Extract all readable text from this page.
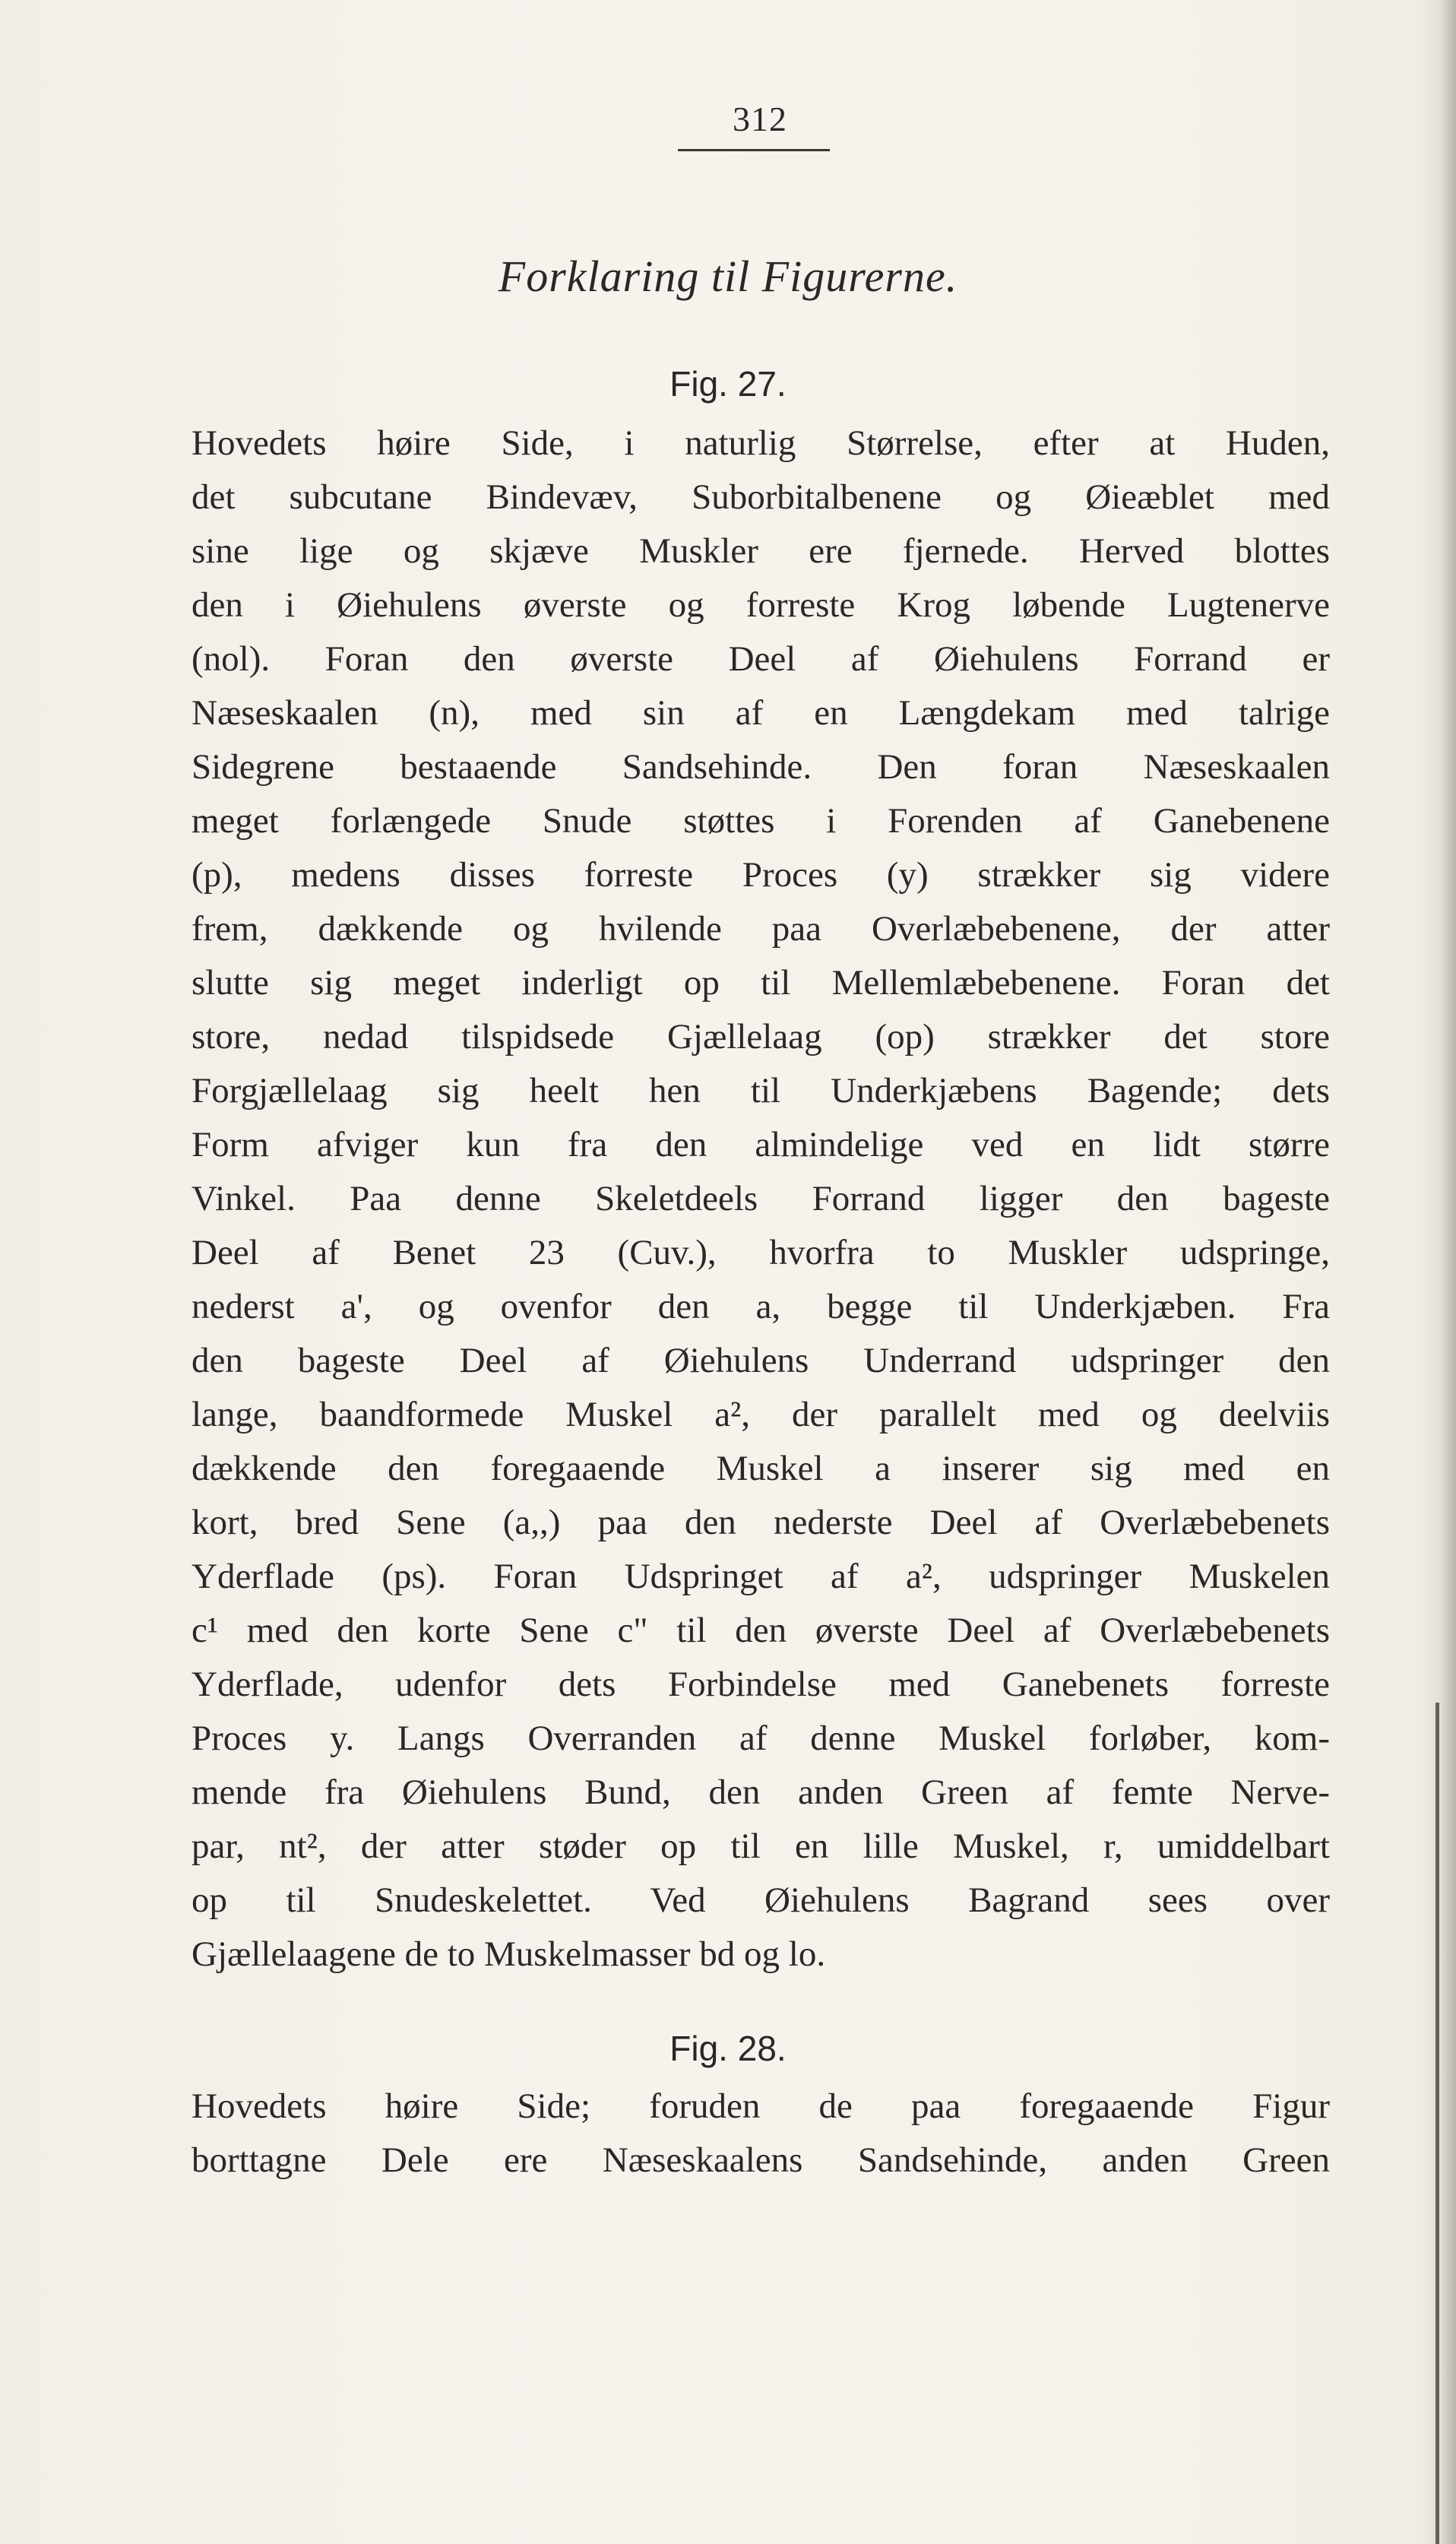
312
Forklaring til Figurerne.
Fig. 27.
Hovedets høire Side, i naturlig Størrelse, efter at Huden,
det subcutane Bindevæv, Suborbitalbenene og Øieæblet med
sine lige og skjæve Muskler ere fjernede. Herved blottes
den i Øiehulens øverste og forreste Krog løbende Lugtenerve
(nol). Foran den øverste Deel af Øiehulens Forrand er
Næseskaalen (n), med sin af en Længdekam med talrige
Sidegrene bestaaende Sandsehinde. Den foran Næseskaalen
meget forlængede Snude støttes i Forenden af Ganebenene
(p), medens disses forreste Proces (y) strækker sig videre
frem, dækkende og hvilende paa Overlæbebenene, der atter
slutte sig meget inderligt op til Mellemlæbebenene. Foran det
store, nedad tilspidsede Gjællelaag (op) strækker det store
Forgjællelaag sig heelt hen til Underkjæbens Bagende; dets
Form afviger kun fra den almindelige ved en lidt større
Vinkel. Paa denne Skeletdeels Forrand ligger den bageste
Deel af Benet 23 (Cuv.), hvorfra to Muskler udspringe,
nederst a', og ovenfor den a, begge til Underkjæben. Fra
den bageste Deel af Øiehulens Underrand udspringer den
lange, baandformede Muskel a², der parallelt med og deelviis
dækkende den foregaaende Muskel a inserer sig med en
kort, bred Sene (a,,) paa den nederste Deel af Overlæbebenets
Yderflade (ps). Foran Udspringet af a², udspringer Muskelen
c¹ med den korte Sene c" til den øverste Deel af Overlæbebenets
Yderflade, udenfor dets Forbindelse med Ganebenets forreste
Proces y. Langs Overranden af denne Muskel forløber, kom-
mende fra Øiehulens Bund, den anden Green af femte Nerve-
par, nt², der atter støder op til en lille Muskel, r, umiddelbart
op til Snudeskelettet. Ved Øiehulens Bagrand sees over
Gjællelaagene de to Muskelmasser bd og lo.
Fig. 28.
Hovedets høire Side; foruden de paa foregaaende Figur
borttagne Dele ere Næseskaalens Sandsehinde, anden Green
